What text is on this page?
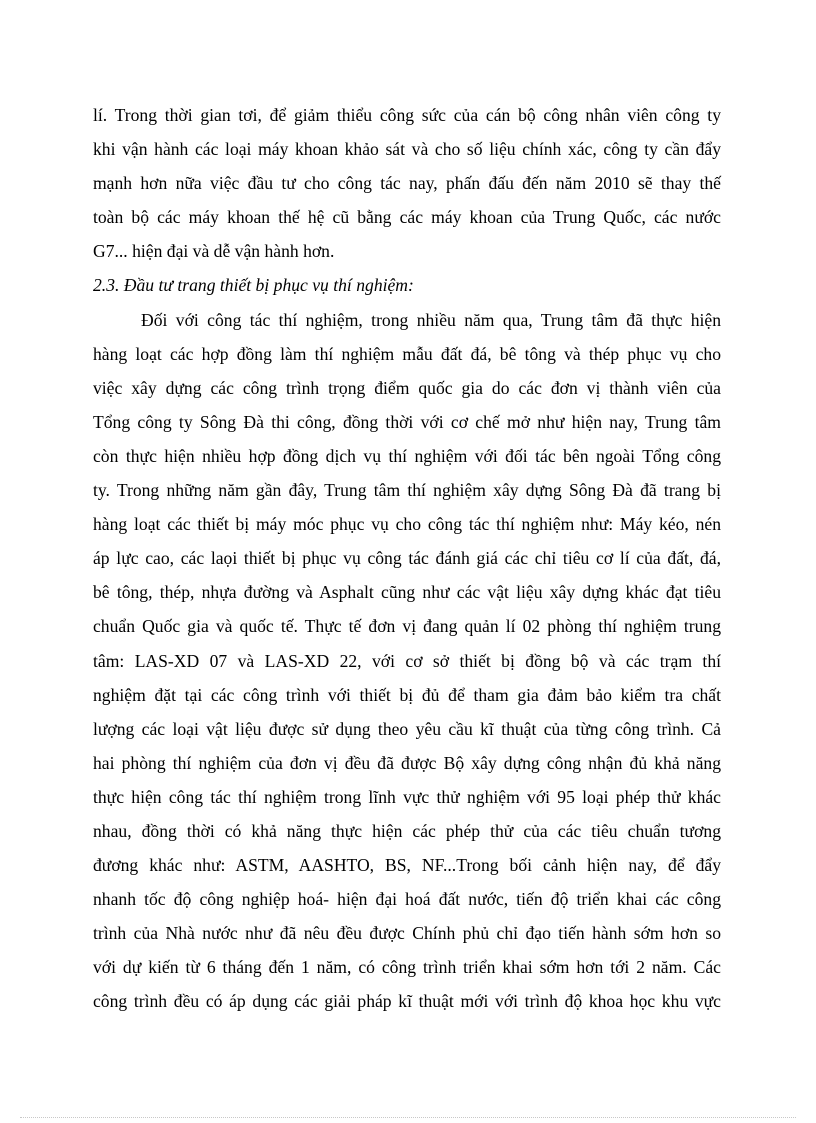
lí. Trong thời gian tơi, để giảm thiểu công sức của cán bộ công nhân viên công ty
khi vận hành các loại máy khoan khảo sát và cho số liệu chính xác, công ty cần đẩy
mạnh hơn nữa việc đầu tư cho công tác nay, phấn đấu đến năm 2010 sẽ thay thế
toàn bộ các máy khoan thế hệ cũ bằng các máy khoan của Trung Quốc, các nước
G7... hiện đại và dễ vận hành hơn.
2.3. Đầu tư trang thiết bị phục vụ thí nghiệm:
Đối với công tác thí nghiệm, trong nhiều năm qua, Trung tâm đã thực hiện
hàng loạt các hợp đồng làm thí nghiệm mẫu đất đá, bê tông và thép phục vụ cho
việc xây dựng các công trình trọng điểm quốc gia do các đơn vị thành viên của
Tổng công ty Sông Đà thi công, đồng thời với cơ chế mở như hiện nay, Trung tâm
còn thực hiện nhiều hợp đồng dịch vụ thí nghiệm với đối tác bên ngoài Tổng công
ty. Trong những năm gần đây, Trung tâm thí nghiệm xây dựng Sông Đà đã trang bị
hàng loạt các thiết bị máy móc phục vụ cho công tác thí nghiệm như: Máy kéo, nén
áp lực cao, các laọi thiết bị phục vụ công tác đánh giá các chỉ tiêu cơ lí của đất, đá,
bê tông, thép, nhựa đường và Asphalt cũng như các vật liệu xây dựng khác đạt tiêu
chuẩn Quốc gia và quốc tế. Thực tế đơn vị đang quản lí 02 phòng thí nghiệm trung
tâm: LAS-XD 07 và LAS-XD 22, với cơ sở thiết bị đồng bộ và các trạm thí
nghiệm đặt tại các công trình với thiết bị đủ để tham gia đảm bảo kiểm tra chất
lượng các loại vật liệu được sử dụng theo yêu cầu kĩ thuật của từng công trình. Cả
hai phòng thí nghiệm của đơn vị đều đã được Bộ xây dựng công nhận đủ khả năng
thực hiện công tác thí nghiệm trong lĩnh vực thử nghiệm với 95 loại phép thử khác
nhau, đồng thời có khả năng thực hiện các phép thử của các tiêu chuẩn tương
đương khác như: ASTM, AASHTO, BS, NF...Trong bối cảnh hiện nay, để đẩy
nhanh tốc độ công nghiệp hoá- hiện đại hoá đất nước, tiến độ triển khai các công
trình của Nhà nước như đã nêu đều được Chính phủ chỉ đạo tiến hành sớm hơn so
với dự kiến từ 6 tháng đến 1 năm, có công trình triển khai sớm hơn tới 2 năm. Các
công trình đều có áp dụng các giải pháp kĩ thuật mới với trình độ khoa học khu vực
